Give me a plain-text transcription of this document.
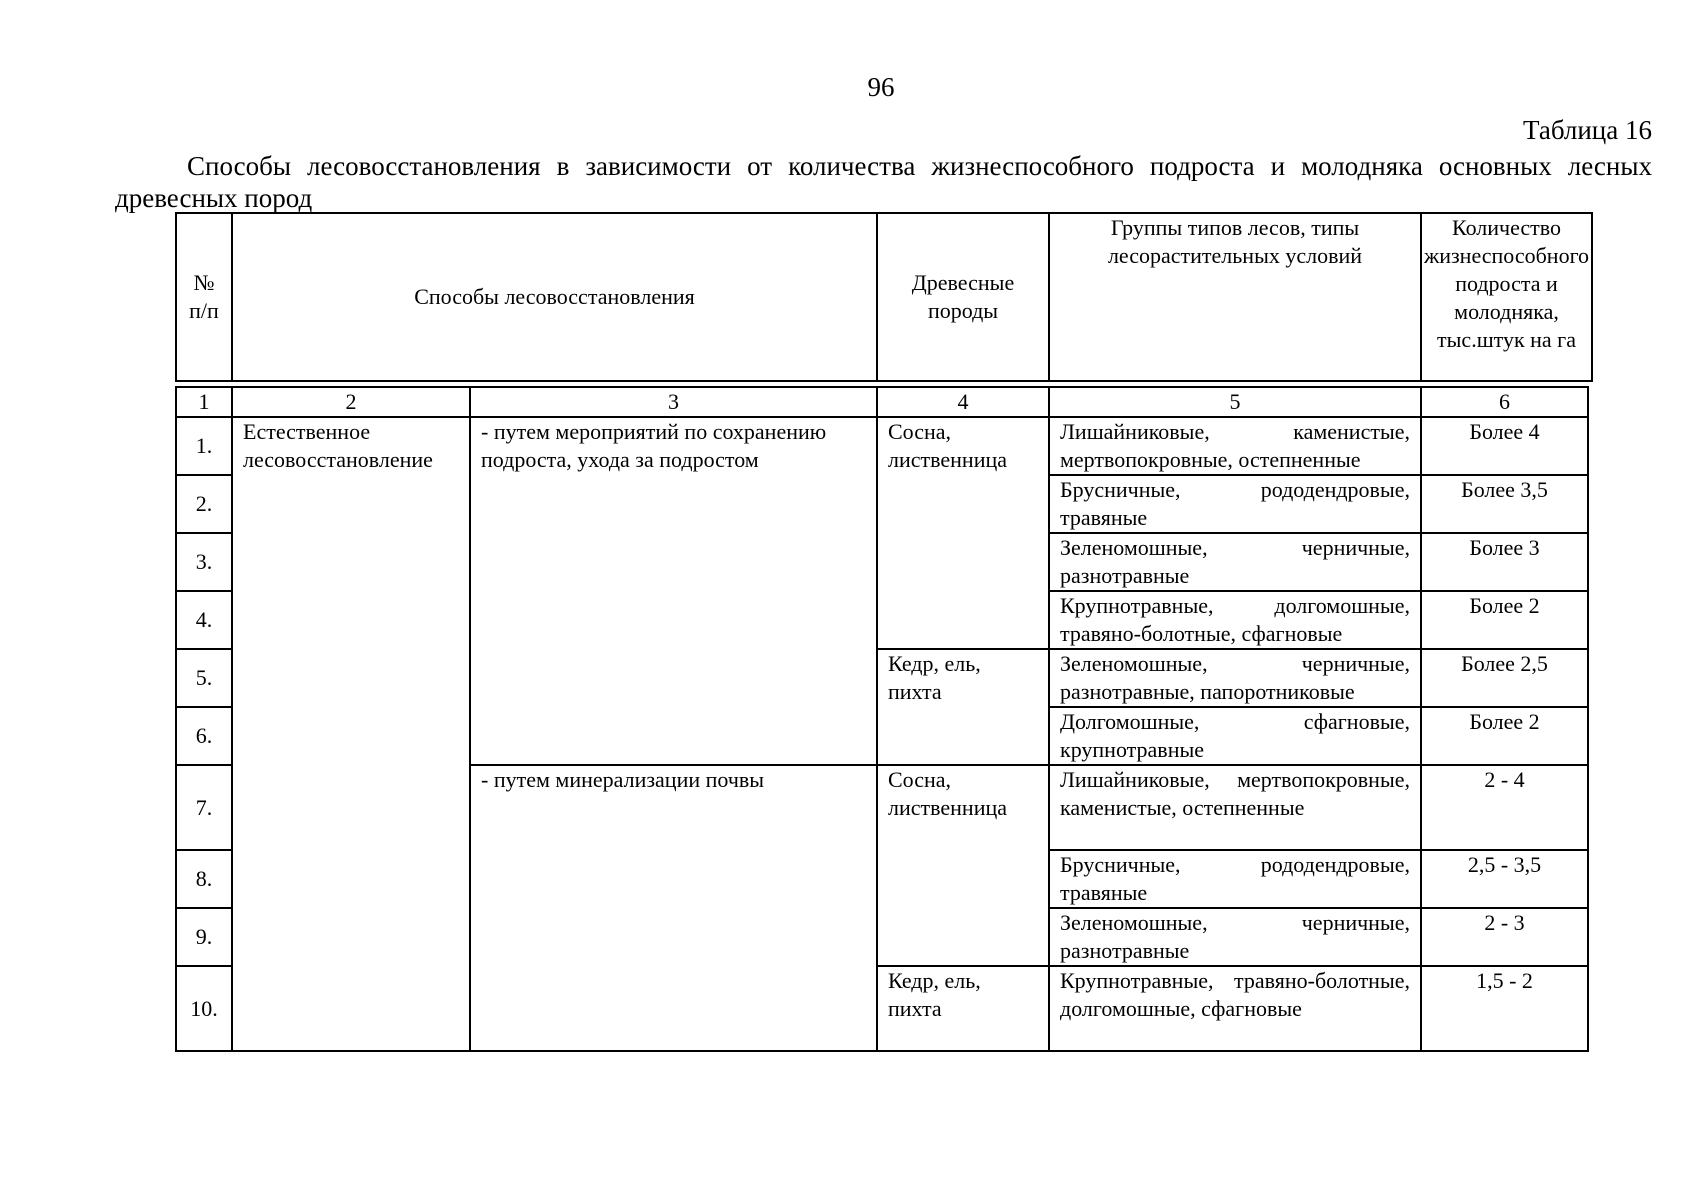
96
Таблица 16
Способы лесовосстановления в зависимости от количества жизнеспособного подроста и молодняка основных лесных древесных пород
№ п/п	Способы лесовосстановления	Древесные породы	Группы типов лесов, типы лесорастительных условий	Количество жизнеспособного подроста и молодняка, тыс.штук на га
1	2	3	4	5	6
1.	Естественное лесовосстановление	- путем мероприятий по сохранению подроста, ухода за подростом	Сосна, лиственница	Лишайниковые, каменистые, мертвопокровные, остепненные	Более 4
2.				Брусничные, рододендровые, травяные	Более 3,5
3.				Зеленомошные, черничные, разнотравные	Более 3
4.				Крупнотравные, долгомошные, травяно-болотные, сфагновые	Более 2
5.			Кедр, ель, пихта	Зеленомошные, черничные, разнотравные, папоротниковые	Более 2,5
6.				Долгомошные, сфагновые, крупнотравные	Более 2
7.		- путем минерализации почвы	Сосна, лиственница	Лишайниковые, мертвопокровные, каменистые, остепненные	2 - 4
8.				Брусничные, рододендровые, травяные	2,5 - 3,5
9.				Зеленомошные, черничные, разнотравные	2 - 3
10.			Кедр, ель, пихта	Крупнотравные, травяно-болотные, долгомошные, сфагновые	1,5 - 2
